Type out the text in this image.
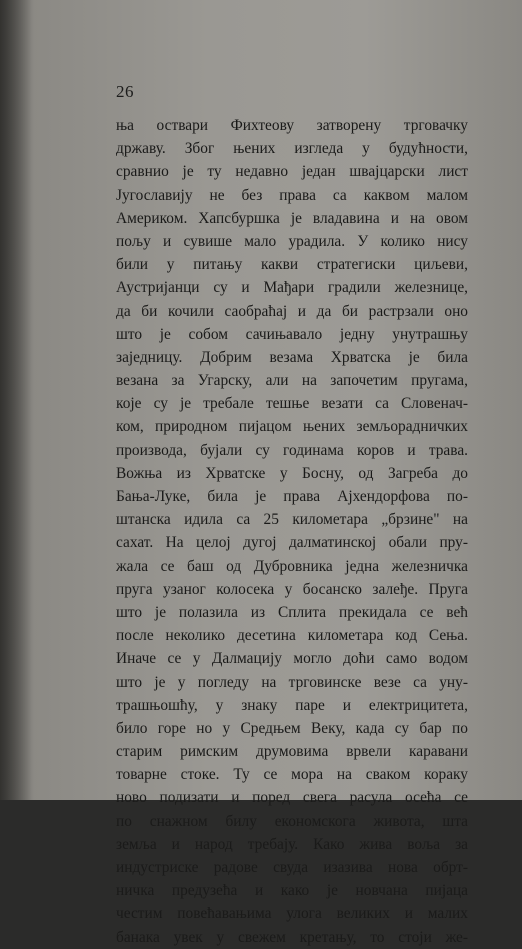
26
ња оствари Фихтеову затворену трговачку
државу. Због њених изгледа у будућности,
сравнио је ту недавно један швајцарски лист
Југославију не без права са каквом малом
Америком. Хапсбуршка је владавина и на овом
пољу и сувише мало урадила. У колико нису
били у питању какви стратегиски циљеви,
Аустријанци су и Мађари градили железнице,
да би кочили саобраћај и да би растрзали оно
што је собом сачињавало једну унутрашњу
заједницу. Добрим везама Хрватска је била
везана за Угарску, али на започетим пругама,
које су је требале тешње везати са Словенач-
ком, природном пијацом њених земљорадничких
производа, бујали су годинама коров и трава.
Вожња из Хрватске у Босну, од Загреба до
Бања-Луке, била је права Ајхендорфова по-
штанска идила са 25 километара „брзине" на
сахат. На целој дугој далматинској обали пру-
жала се баш од Дубровника једна железничка
пруга узаног колосека у босанско залеђе. Пруга
што је полазила из Сплита прекидала се већ
после неколико десетина километара код Сења.
Иначе се у Далмацију могло доћи само водом
што је у погледу на трговинске везе са уну-
трашњошћу, у знаку паре и електрицитета,
било горе но у Средњем Веку, када су бар по
старим римским друмовима врвели каравани
товарне стоке. Ту се мора на сваком кораку
ново подизати и поред свега расула осећа се
по снажном билу економскога живота, шта
земља и народ требају. Како жива воља за
индустриске радове свуда изазива нова обрт-
ничка предузећа и како је новчана пијаца
честим повећавањима улога великих и малих
банака увек у свежем кретању, то стоји же-
